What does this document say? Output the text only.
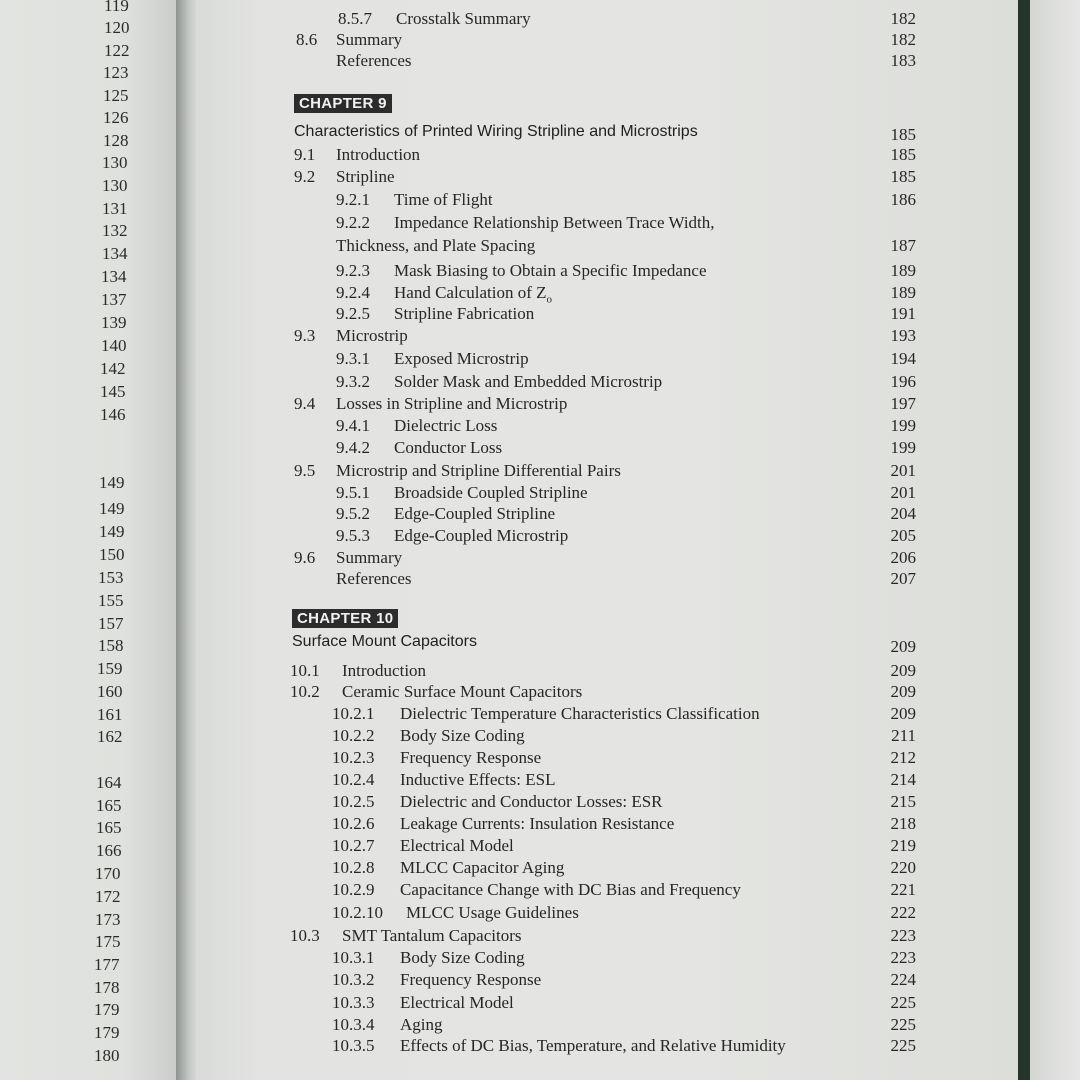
119
120
122
123
125
126
128
130
130
131
132
134
134
137
139
140
142
145
146
149
149
149
150
153
155
157
158
159
160
161
162
164
165
165
166
170
172
173
175
177
178
179
179
180
CHAPTER 9
Characteristics of Printed Wiring Stripline and Microstrips	185
CHAPTER 10
Surface Mount Capacitors	209
8.5.7 Crosstalk Summary	182
8.6 Summary	182
References	183
9.1 Introduction	185
9.2 Stripline	185
9.2.1 Time of Flight	186
9.2.2 Impedance Relationship Between Trace Width,
Thickness, and Plate Spacing	187
9.2.3 Mask Biasing to Obtain a Specific Impedance	189
9.2.4 Hand Calculation of $Z_o$	189
9.2.5 Stripline Fabrication	191
9.3 Microstrip	193
9.3.1 Exposed Microstrip	194
9.3.2 Solder Mask and Embedded Microstrip	196
9.4 Losses in Stripline and Microstrip	197
9.4.1 Dielectric Loss	199
9.4.2 Conductor Loss	199
9.5 Microstrip and Stripline Differential Pairs	201
9.5.1 Broadside Coupled Stripline	201
9.5.2 Edge-Coupled Stripline	204
9.5.3 Edge-Coupled Microstrip	205
9.6 Summary	206
References	207
10.1 Introduction	209
10.2 Ceramic Surface Mount Capacitors	209
10.2.1 Dielectric Temperature Characteristics Classification	209
10.2.2 Body Size Coding	211
10.2.3 Frequency Response	212
10.2.4 Inductive Effects: ESL	214
10.2.5 Dielectric and Conductor Losses: ESR	215
10.2.6 Leakage Currents: Insulation Resistance	218
10.2.7 Electrical Model	219
10.2.8 MLCC Capacitor Aging	220
10.2.9 Capacitance Change with DC Bias and Frequency	221
10.2.10 MLCC Usage Guidelines	222
10.3 SMT Tantalum Capacitors	223
10.3.1 Body Size Coding	223
10.3.2 Frequency Response	224
10.3.3 Electrical Model	225
10.3.4 Aging	225
10.3.5 Effects of DC Bias, Temperature, and Relative Humidity	225
